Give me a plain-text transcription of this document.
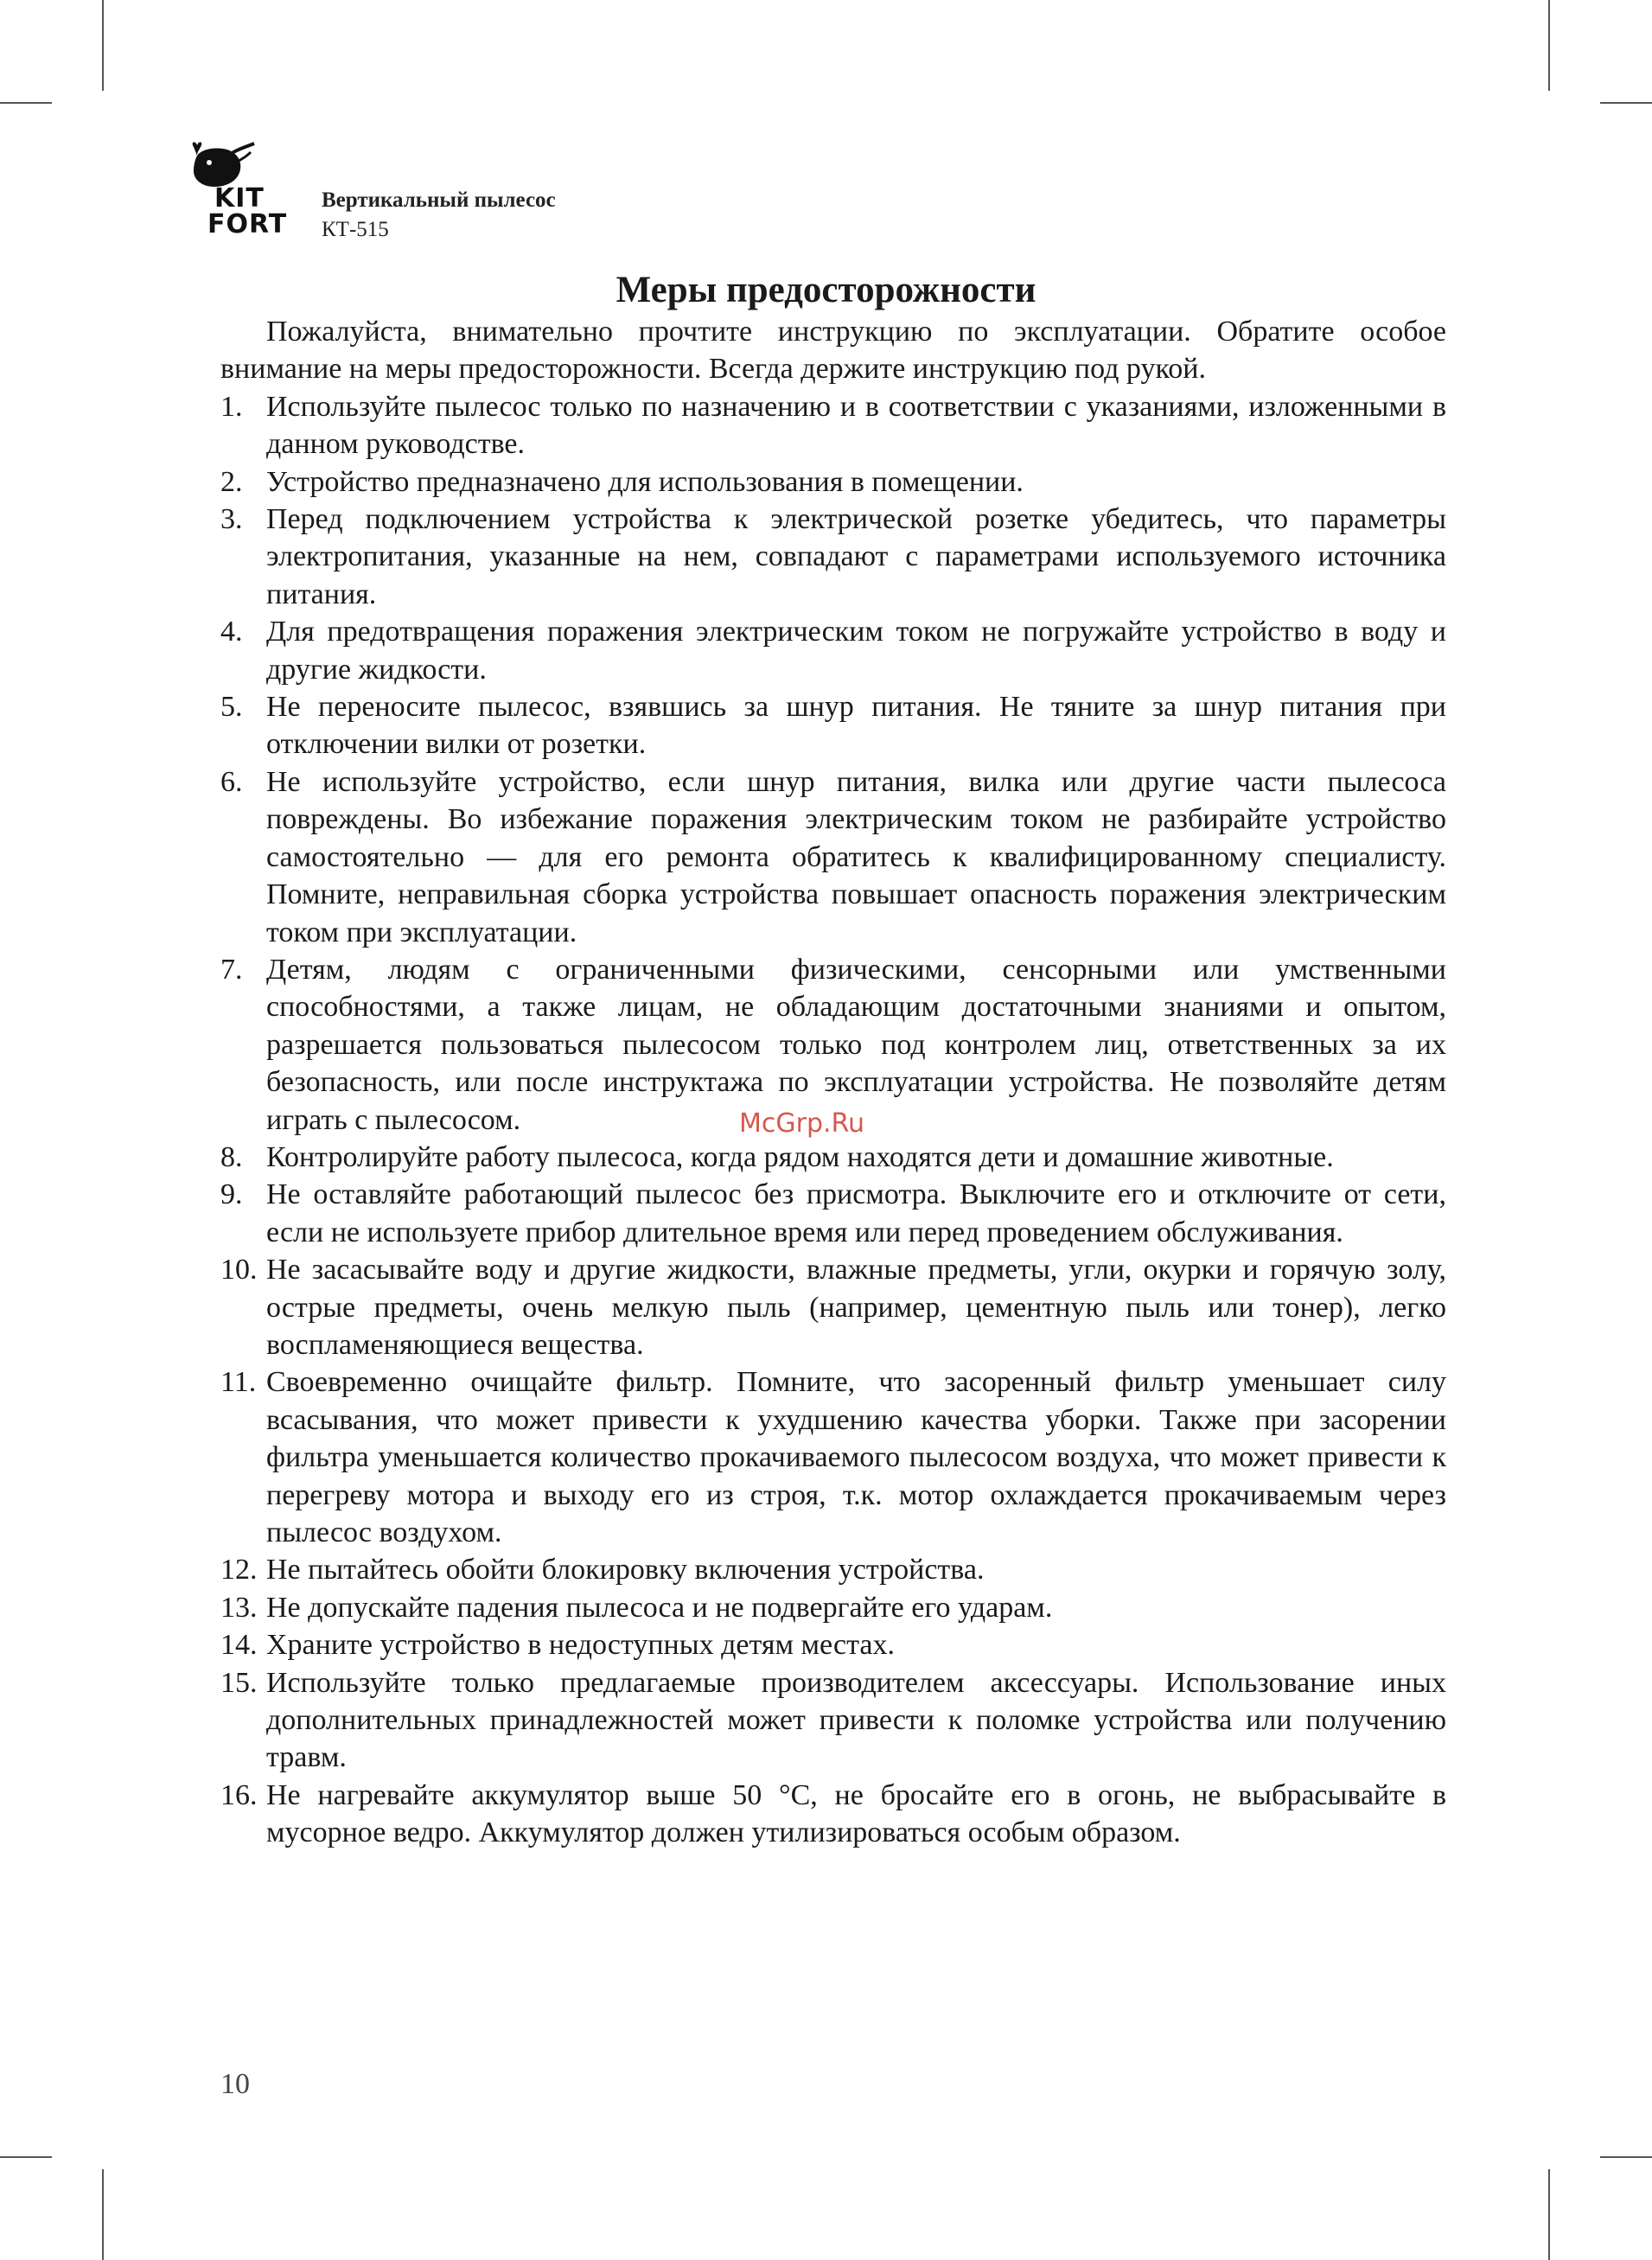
KIT
FORT
Вертикальный пылесос
КТ-515
Меры предосторожности

Пожалуйста, внимательно прочтите инструкцию по эксплуатации. Обратите особое внимание на меры предосторожности. Всегда держите инструкцию под рукой.

1. Используйте пылесос только по назначению и в соответствии с указаниями, изложенными в данном руководстве.
2. Устройство предназначено для использования в помещении.
3. Перед подключением устройства к электрической розетке убедитесь, что параметры электропитания, указанные на нем, совпадают с параметрами используемого источника питания.
4. Для предотвращения поражения электрическим током не погружайте устройство в воду и другие жидкости.
5. Не переносите пылесос, взявшись за шнур питания. Не тяните за шнур питания при отключении вилки от розетки.
6. Не используйте устройство, если шнур питания, вилка или другие части пылесоса повреждены. Во избежание поражения электрическим током не разбирайте устройство самостоятельно — для его ремонта обратитесь к квалифицированному специалисту. Помните, неправильная сборка устройства повышает опасность поражения электрическим током при эксплуатации.
7. Детям, людям с ограниченными физическими, сенсорными или умственными способностями, а также лицам, не обладающим достаточными знаниями и опытом, разрешается пользоваться пылесосом только под контролем лиц, ответственных за их безопасность, или после инструктажа по эксплуатации устройства. Не позволяйте детям играть с пылесосом.
8. Контролируйте работу пылесоса, когда рядом находятся дети и домашние животные.
9. Не оставляйте работающий пылесос без присмотра. Выключите его и отключите от сети, если не используете прибор длительное время или перед проведением обслуживания.
10. Не засасывайте воду и другие жидкости, влажные предметы, угли, окурки и горячую золу, острые предметы, очень мелкую пыль (например, цементную пыль или тонер), легко воспламеняющиеся вещества.
11. Своевременно очищайте фильтр. Помните, что засоренный фильтр уменьшает силу всасывания, что может привести к ухудшению качества уборки. Также при засорении фильтра уменьшается количество прокачиваемого пылесосом воздуха, что может привести к перегреву мотора и выходу его из строя, т.к. мотор охлаждается прокачиваемым через пылесос воздухом.
12. Не пытайтесь обойти блокировку включения устройства.
13. Не допускайте падения пылесоса и не подвергайте его ударам.
14. Храните устройство в недоступных детям местах.
15. Используйте только предлагаемые производителем аксессуары. Использование иных дополнительных принадлежностей может привести к поломке устройства или получению травм.
16. Не нагревайте аккумулятор выше 50 °С, не бросайте его в огонь, не выбрасывайте в мусорное ведро. Аккумулятор должен утилизироваться особым образом.
McGrp.Ru
10
